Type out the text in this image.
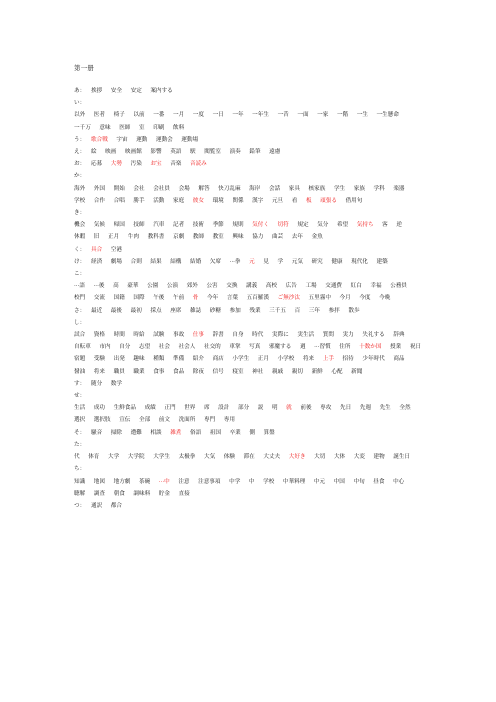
第一册
あ：	挨拶 安全 安定 案内する
い：
以外 医者 椅子 以前 一番 一月 一度 一日 一年 一年生 一昔 一面 一家 一階 一生 一生懸命
一千万 意味 医師 室 印刷 飲料
う：	歌合戦 宇宙 運動 運動会 運動場
え：	絵 映画 映画館 影響 英語 駅 閲覧室 演奏 鉛筆 遠慮
お：	応募 大勢 汚染 お宝 音楽 音読み
か：
海外 外国 開始 会社 会社員 会場 解答 快刀乱麻 海岸 会話 家具 核家族 学生 家族 学科 楽器
学校 合作 合唱 勝手 活動 家庭 彼女 環境 関係 漢字 元旦 看 板 頑張る 借用句
き：
機会 気候 帰国 技師 汽車 記者 技術 季節 規則 気付く 切符 規定 気分 希望 気持ち 客 逆
休暇 旧 正月 牛肉 教科書 京劇 教師 教室 興味 協力 曲芸 去年 金魚
く：	具合 空港
け：	経済 劇場 合則 結果 結構 結婚 欠席 ···拳 元 見 学 元気 研究 健康 現代化 建築
こ：
···語 ···後 高 豪華 公園 公演 郊外 公害 交換 講義 高校 広告 工場 交通費 紅白 幸福 公務員
校門 交流 国籍 国際 午後 午前 骨 今年 言葉 五百羅漢 ご無沙汰 五里霧中 今月 今度 今晩
さ：	最近 最後 最初 採点 座席 雑誌 砂糖 参加 残業 三千五 百 三年 参拝 散歩
し：
試合 資格 時間 時給 試験 事故 仕事 辞書 自身 時代 実際に 実生活 質問 実力 失礼する 辞典
自転車 市内 自分 志望 社会 社会人 社交的 車掌 写真 邪魔する 週 ···習慣 住所 十数か国 授業 祝日
宿題 受験 出発 趣味 種類 準備 紹介 商店 小学生 正月 小学校 将来 上手 招待 少年時代 商品
醤油 将来 職員 職業 食事 食品 除夜 信号 寝室 神社 親戚 親切 新鮮 心配 新聞
す：	随分 数学
せ：
生活 成功 生鮮食品 成績 正門 世界 席 設計 部分 説 明 就 前後 専攻 先日 先週 先生 全然
選択 選択肢 宣伝 全部 前文 洗面所 専門 専用
そ：	騒音 掃除 遭難 相談 雑煮 俗語 祖国 卒業 側 算盤
た：
代 体育 大学 大学院 大学生 太极拳 大気 体験 滞在 大丈夫 大好き 大切 大体 大変 建物 誕生日
ち：
知識 地図 地方劇 茶碗 ···中 注意 注意事項 中学 中 学校 中華料理 中元 中国 中旬 昼食 中心
聴解 調査 朝食 調味料 貯金 直接
つ：	通訳 都合
